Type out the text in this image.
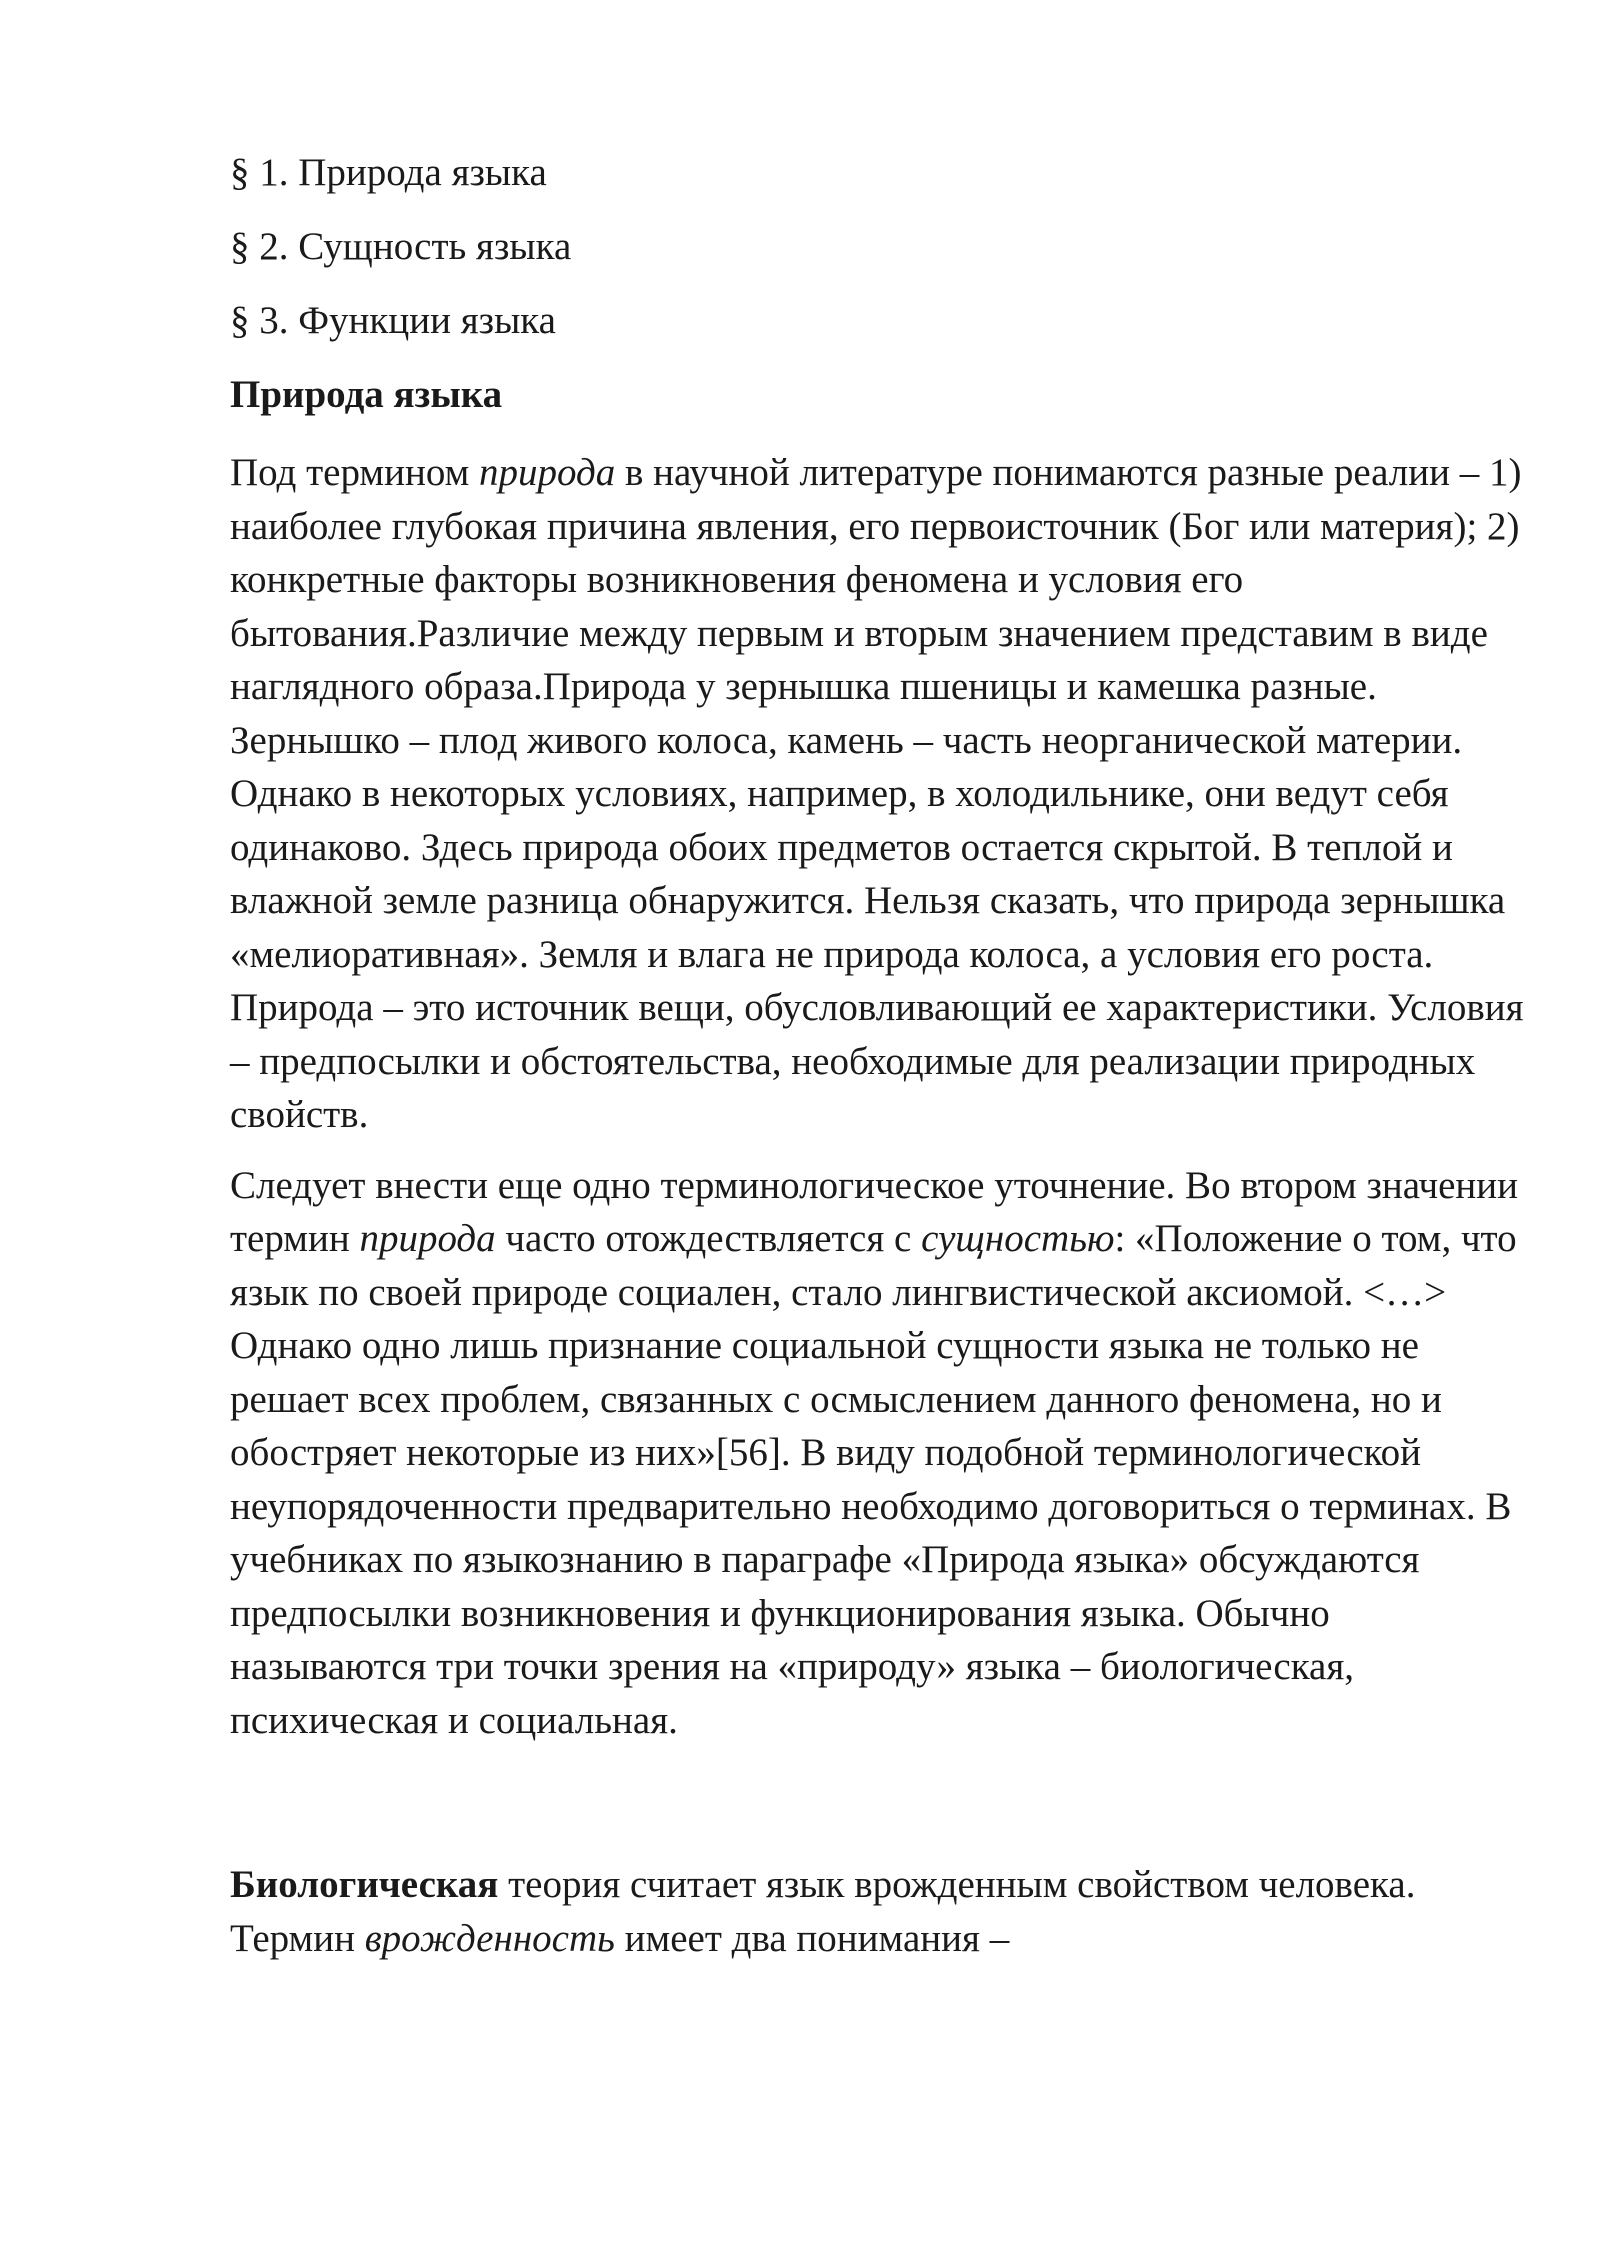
§ 1. Природа языка

§ 2. Сущность языка

§ 3. Функции языка

Природа языка

Под термином природа в научной литературе понимаются разные реалии – 1) наиболее глубокая причина явления, его первоисточник (Бог или материя); 2) конкретные факторы возникновения феномена и условия его бытования.Различие между первым и вторым значением представим в виде наглядного образа.Природа у зернышка пшеницы и камешка разные. Зернышко – плод живого колоса, камень – часть неорганической материи. Однако в некоторых условиях, например, в холодильнике, они ведут себя одинаково. Здесь природа обоих предметов остается скрытой. В теплой и влажной земле разница обнаружится. Нельзя сказать, что природа зернышка «мелиоративная». Земля и влага не природа колоса, а условия его роста. Природа – это источник вещи, обусловливающий ее характеристики. Условия – предпосылки и обстоятельства, необходимые для реализации природных свойств.

Следует внести еще одно терминологическое уточнение. Во втором значении термин природа часто отождествляется с сущностью: «Положение о том, что язык по своей природе социален, стало лингвистической аксиомой. <…> Однако одно лишь признание социальной сущности языка не только не решает всех проблем, связанных с осмыслением данного феномена, но и обостряет некоторые из них»[56]. В виду подобной терминологической неупорядоченности предварительно необходимо договориться о терминах. В учебниках по языкознанию в параграфе «Природа языка» обсуждаются предпосылки возникновения и функционирования языка. Обычно называются три точки зрения на «природу» языка – биологическая, психическая и социальная.

Биологическая теория считает язык врожденным свойством человека. Термин врожденность имеет два понимания –
